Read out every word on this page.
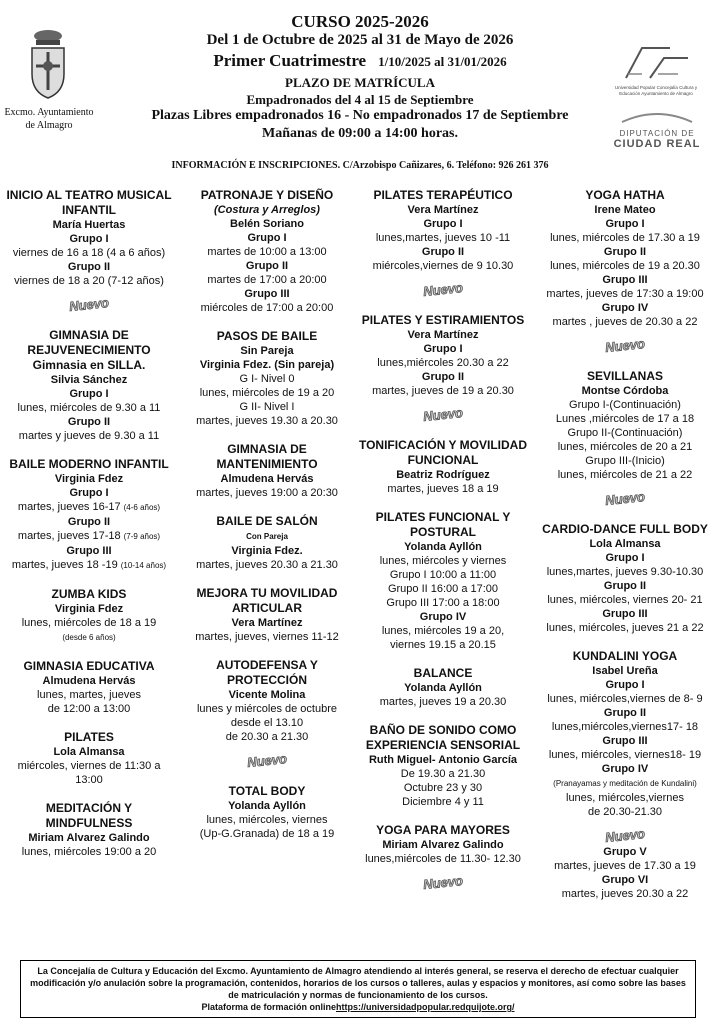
Excmo. Ayuntamiento de Almagro
CURSO 2025-2026
Del 1 de Octubre de 2025 al 31 de Mayo de 2026
Primer Cuatrimestre 1/10/2025 al 31/01/2026
PLAZO DE MATRÍCULA
Empadronados del 4 al 15 de Septiembre
Plazas Libres empadronados 16 - No empadronados 17 de Septiembre
Mañanas de 09:00 a 14:00 horas.
INFORMACIÓN E INSCRIPCIONES. C/Arzobispo Cañizares, 6. Teléfono: 926 261 376
Universidad Popular Concejalía Cultura y Educación Ayuntamiento de Almagro
DIPUTACIÓN DE
CIUDAD REAL
INICIO AL TEATRO MUSICAL INFANTIL
María Huertas
Grupo I
viernes de 16 a 18 (4 a 6 años)
Grupo II
viernes de 18 a 20 (7-12 años)
Nuevo
GIMNASIA DE REJUVENECIMIENTO Gimnasia en SILLA.
Silvia Sánchez
Grupo I
lunes, miércoles de 9.30 a 11
Grupo II
martes y jueves de 9.30 a 11
BAILE MODERNO INFANTIL
Virginia Fdez
Grupo I
martes, jueves 16-17 (4-6 años)
Grupo II
martes, jueves 17-18 (7-9 años)
Grupo III
martes, jueves 18 -19 (10-14 años)
ZUMBA KIDS
Virginia Fdez
lunes, miércoles de 18 a 19
(desde 6 años)
GIMNASIA EDUCATIVA
Almudena Hervás
lunes, martes, jueves
de 12:00 a 13:00
PILATES
Lola Almansa
miércoles, viernes de 11:30 a 13:00
MEDITACIÓN Y MINDFULNESS
Miriam Alvarez Galindo
lunes, miércoles 19:00 a 20
PATRONAJE Y DISEÑO
(Costura y Arreglos)
Belén Soriano
Grupo I
martes de 10:00 a 13:00
Grupo II
martes de 17:00 a 20:00
Grupo III
miércoles de 17:00 a 20:00
PASOS DE BAILE
Sin Pareja
Virginia Fdez. (Sin pareja)
G I- Nivel 0
lunes, miércoles de 19 a 20
G II- Nivel I
martes, jueves 19.30 a 20.30
GIMNASIA DE MANTENIMIENTO
Almudena Hervás
martes, jueves 19:00 a 20:30
BAILE DE SALÓN
Con Pareja
Virginia Fdez.
martes, jueves 20.30 a 21.30
MEJORA TU MOVILIDAD ARTICULAR
Vera Martínez
martes, jueves, viernes 11-12
AUTODEFENSA Y PROTECCIÓN
Vicente Molina
lunes y miércoles de octubre
desde el 13.10
de 20.30 a 21.30
Nuevo
TOTAL BODY
Yolanda Ayllón
lunes, miércoles, viernes
(Up-G.Granada) de 18 a 19
PILATES TERAPÉUTICO
Vera Martínez
Grupo I
lunes,martes, jueves 10 -11
Grupo II
miércoles,viernes de 9 10.30
Nuevo
PILATES Y ESTIRAMIENTOS
Vera Martínez
Grupo I
lunes,miércoles 20.30 a 22
Grupo II
martes, jueves de 19 a 20.30
Nuevo
TONIFICACIÓN Y MOVILIDAD FUNCIONAL
Beatriz Rodríguez
martes, jueves 18 a 19
PILATES FUNCIONAL Y POSTURAL
Yolanda Ayllón
lunes, miércoles y viernes
Grupo I 10:00 a 11:00
Grupo II 16:00 a 17:00
Grupo III 17:00 a 18:00
Grupo IV
lunes, miércoles 19 a 20,
viernes 19.15 a 20.15
BALANCE
Yolanda Ayllón
martes, jueves 19 a 20.30
BAÑO DE SONIDO COMO EXPERIENCIA SENSORIAL
Ruth Miguel- Antonio García
De 19.30 a 21.30
Octubre 23 y 30
Diciembre 4 y 11
YOGA PARA MAYORES
Miriam Alvarez Galindo
lunes,miércoles de 11.30- 12.30
Nuevo
YOGA HATHA
Irene Mateo
Grupo I
lunes, miércoles de 17.30 a 19
Grupo II
lunes, miércoles de 19 a 20.30
Grupo III
martes, jueves de 17:30 a 19:00
Grupo IV
martes , jueves de 20.30 a 22
Nuevo
SEVILLANAS
Montse Córdoba
Grupo I-(Continuación)
Lunes ,miércoles de 17 a 18
Grupo II-(Continuación)
lunes, miércoles de 20 a 21
Grupo III-(Inicio)
lunes, miércoles de 21 a 22
Nuevo
CARDIO-DANCE FULL BODY
Lola Almansa
Grupo I
lunes,martes, jueves 9.30-10.30
Grupo II
lunes, miércoles, viernes 20- 21
Grupo III
lunes, miércoles, jueves 21 a 22
KUNDALINI YOGA
Isabel Ureña
Grupo I
lunes, miércoles,viernes de 8- 9
Grupo II
lunes,miércoles,viernes17- 18
Grupo III
lunes, miércoles, viernes18- 19
Grupo IV
(Pranayamas y meditación de Kundalini)
lunes, miércoles,viernes
de 20.30-21.30
Nuevo
Grupo V
martes, jueves de 17.30 a 19
Grupo VI
martes, jueves 20.30 a 22
La Concejalía de Cultura y Educación del Excmo. Ayuntamiento de Almagro atendiendo al interés general, se reserva el derecho de efectuar cualquier modificación y/o anulación sobre la programación, contenidos, horarios de los cursos o talleres, aulas y espacios y monitores, así como sobre las bases de matriculación y normas de funcionamiento de los cursos.
Plataforma de formación onlinehttps://universidadpopular.redquijote.org/
